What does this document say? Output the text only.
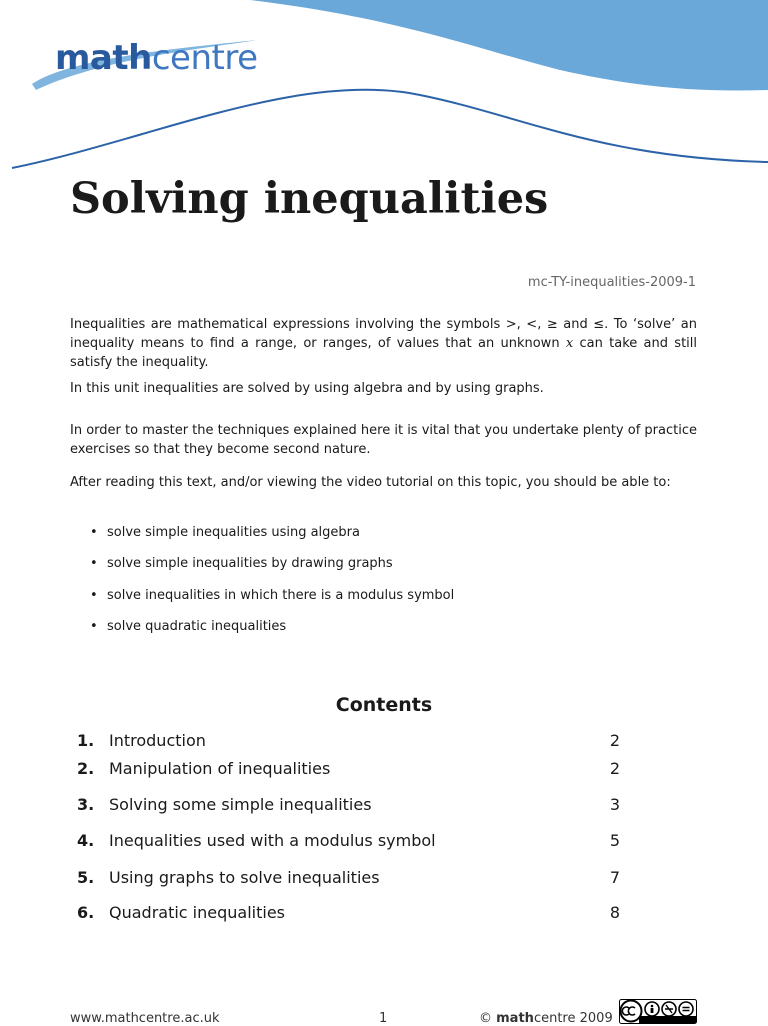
mathcentre
Solving inequalities
mc-TY-inequalities-2009-1

Inequalities are mathematical expressions involving the symbols >, <, ≥ and ≤. To ‘solve’ an inequality means to find a range, or ranges, of values that an unknown x can take and still satisfy the inequality.

In this unit inequalities are solved by using algebra and by using graphs.

In order to master the techniques explained here it is vital that you undertake plenty of practice exercises so that they become second nature.

After reading this text, and/or viewing the video tutorial on this topic, you should be able to:

• solve simple inequalities using algebra
• solve simple inequalities by drawing graphs
• solve inequalities in which there is a modulus symbol
• solve quadratic inequalities
Contents
1. Introduction	2
2. Manipulation of inequalities	2
3. Solving some simple inequalities	3
4. Inequalities used with a modulus symbol	5
5. Using graphs to solve inequalities	7
6. Quadratic inequalities	8
www.mathcentre.ac.uk	1	© mathcentre 2009
